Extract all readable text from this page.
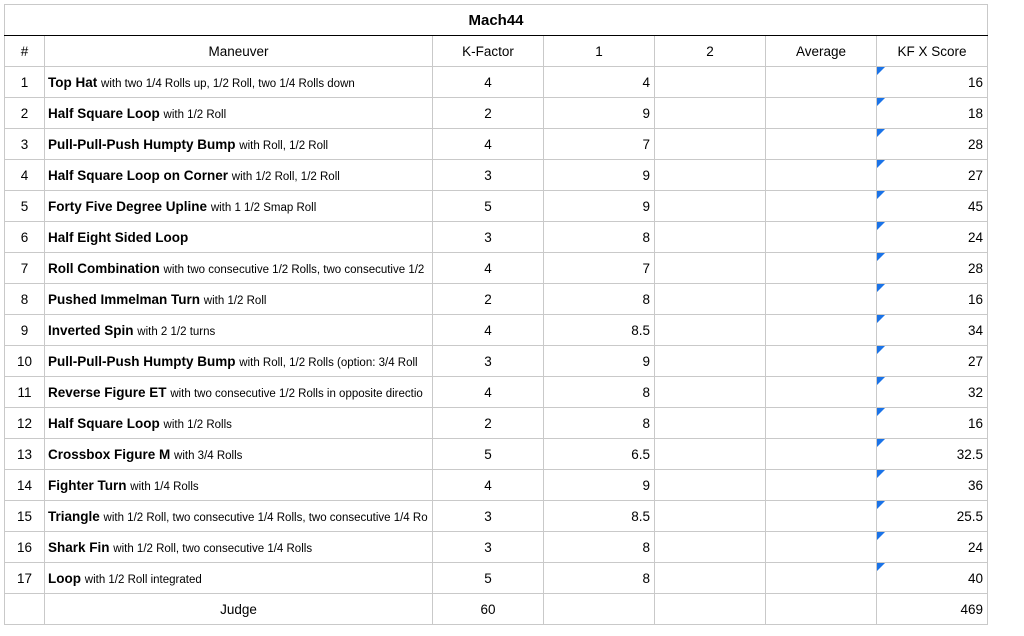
Mach44						
#	Maneuver	K-Factor	1	2	Average	KF X Score
1	Top Hat with two 1/4 Rolls up, 1/2 Roll, two 1/4 Rolls down	4	4			16
2	Half Square Loop with 1/2 Roll	2	9			18
3	Pull-Pull-Push Humpty Bump with Roll, 1/2 Roll	4	7			28
4	Half Square Loop on Corner with 1/2 Roll, 1/2 Roll	3	9			27
5	Forty Five Degree Upline with 1 1/2 Smap Roll	5	9			45
6	Half Eight Sided Loop	3	8			24
7	Roll Combination with two consecutive 1/2 Rolls, two consecutive 1/2	4	7			28
8	Pushed Immelman Turn with 1/2 Roll	2	8			16
9	Inverted Spin with 2 1/2 turns	4	8.5			34
10	Pull-Pull-Push Humpty Bump with Roll, 1/2 Rolls (option: 3/4 Roll	3	9			27
11	Reverse Figure ET with two consecutive 1/2 Rolls in opposite directio	4	8			32
12	Half Square Loop with 1/2 Rolls	2	8			16
13	Crossbox Figure M with 3/4 Rolls	5	6.5			32.5
14	Fighter Turn with 1/4 Rolls	4	9			36
15	Triangle with 1/2 Roll, two consecutive 1/4 Rolls, two consecutive 1/4 Ro	3	8.5			25.5
16	Shark Fin with 1/2 Roll, two consecutive 1/4 Rolls	3	8			24
17	Loop with 1/2 Roll integrated	5	8			40
	Judge	60				469
